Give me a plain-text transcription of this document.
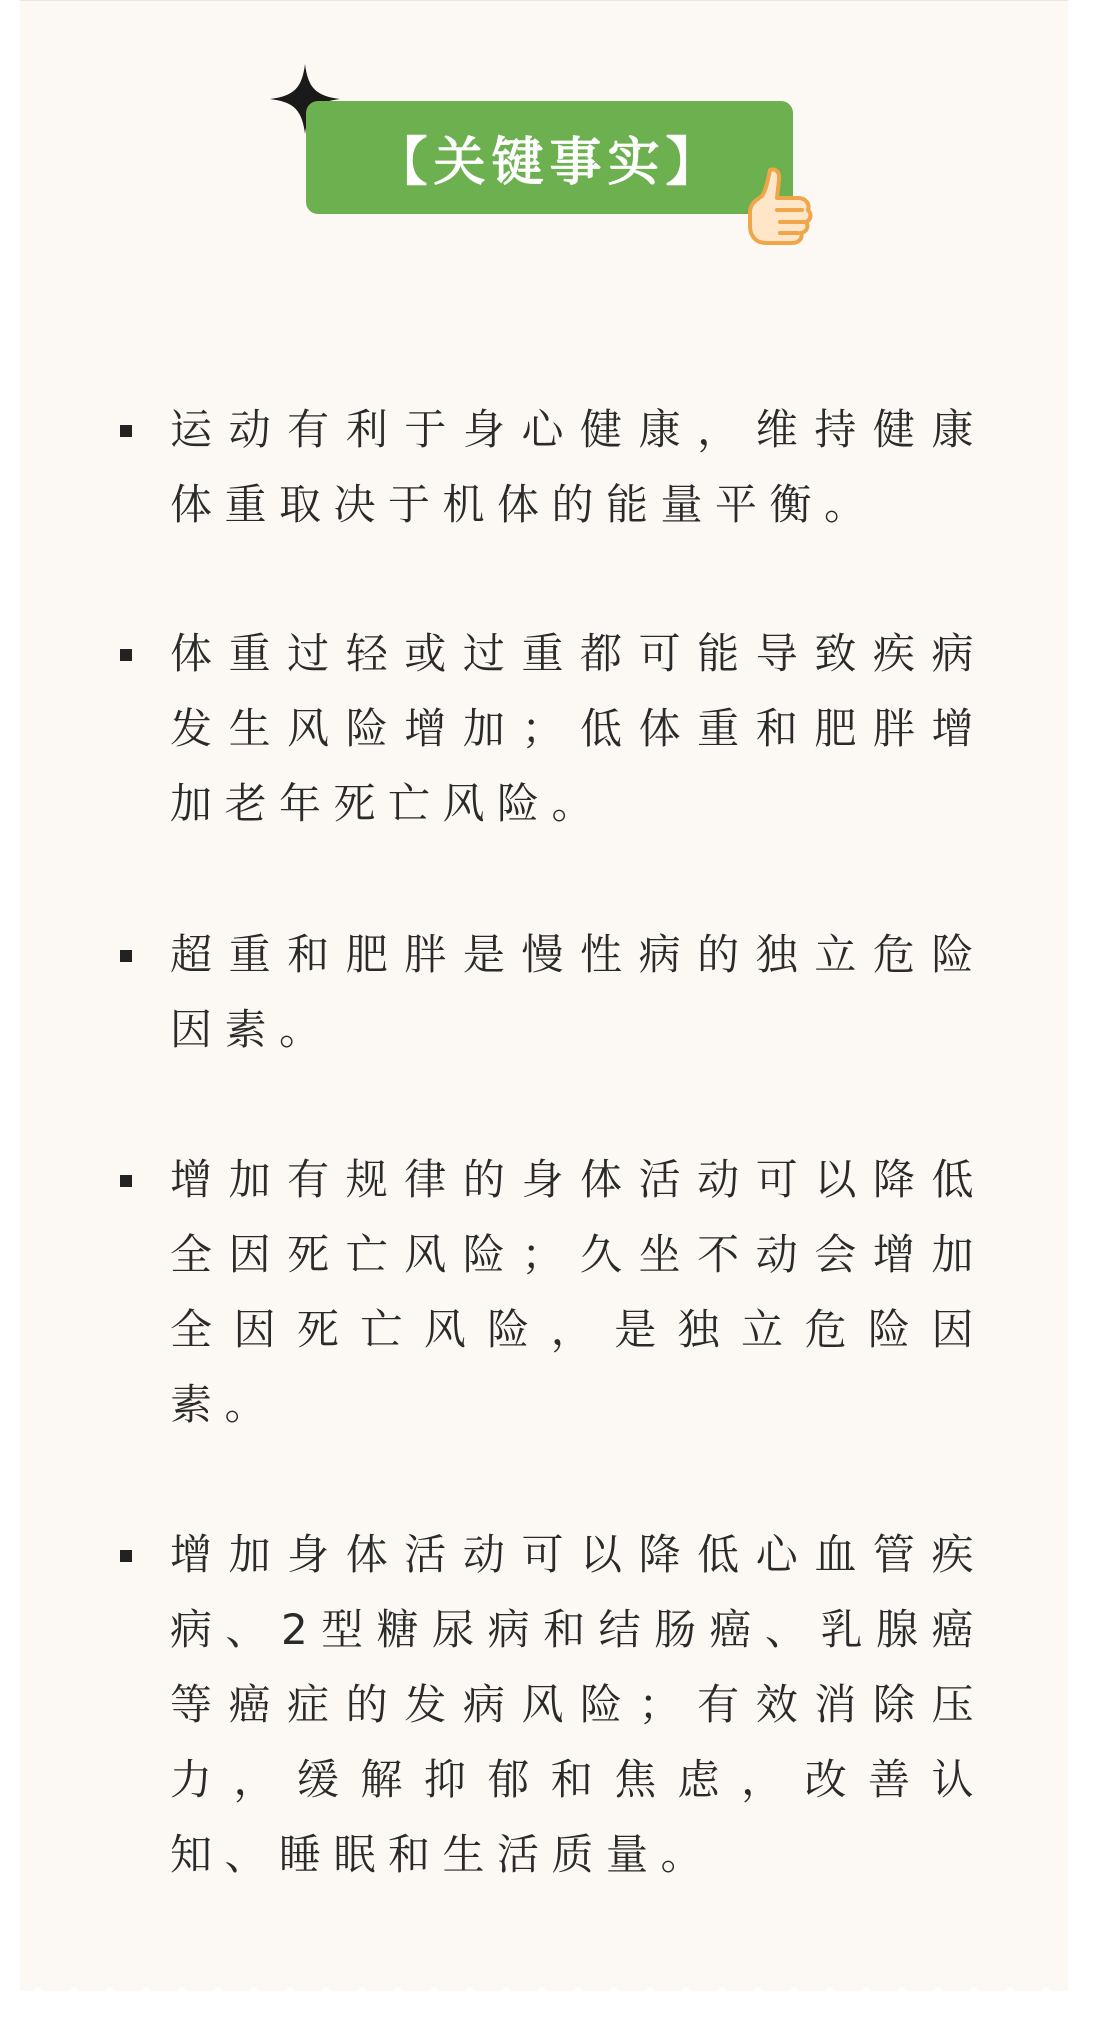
【关键事实】
运动有利于身心健康，维持健康体重取决于机体的能量平衡。
体重过轻或过重都可能导致疾病发生风险增加；低体重和肥胖增加老年死亡风险。
超重和肥胖是慢性病的独立危险因素。
增加有规律的身体活动可以降低全因死亡风险；久坐不动会增加全因死亡风险，是独立危险因素。
增加身体活动可以降低心血管疾病、2型糖尿病和结肠癌、乳腺癌等癌症的发病风险；有效消除压力，缓解抑郁和焦虑，改善认知、睡眠和生活质量。
